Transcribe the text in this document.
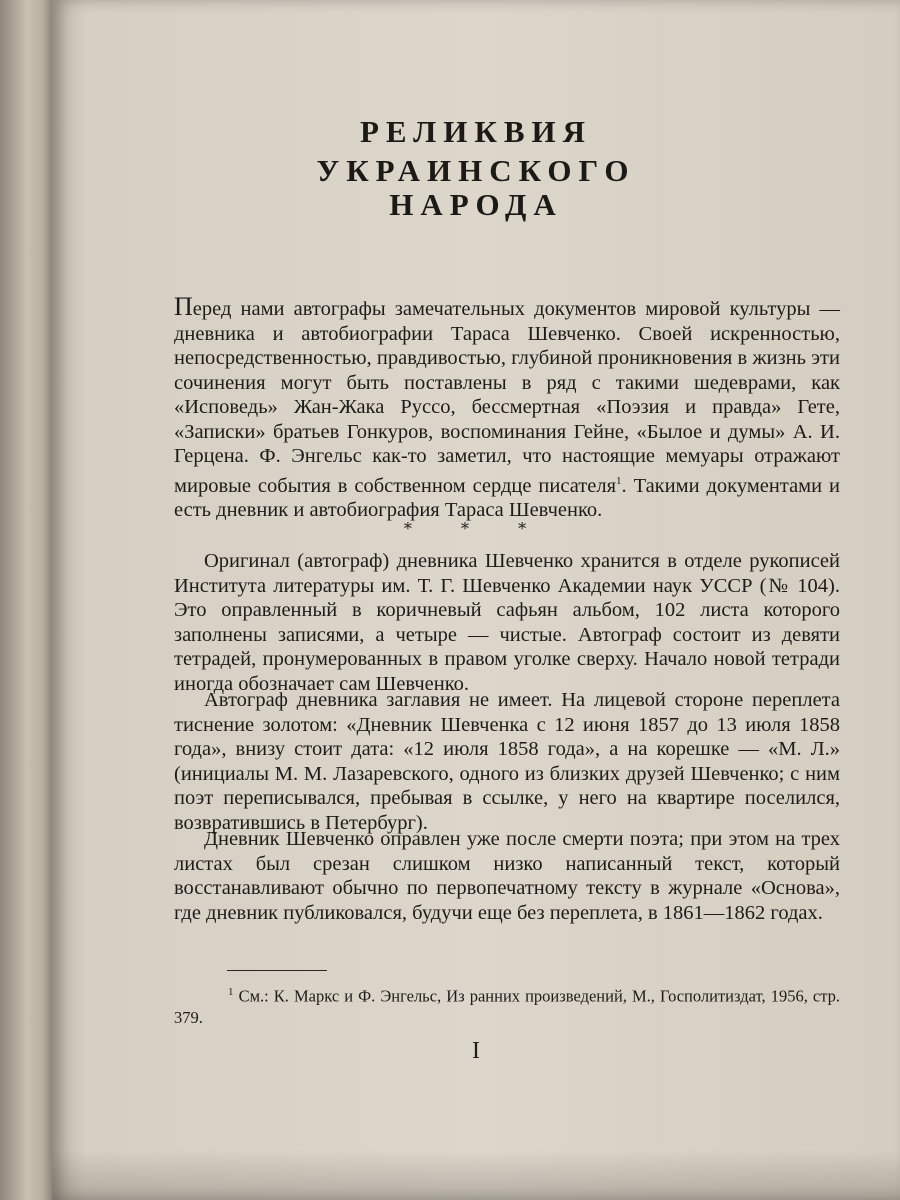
РЕЛИКВИЯ
УКРАИНСКОГО
НАРОДА

Перед нами автографы замечательных документов мировой культуры — дневника и автобиографии Тараса Шевченко. Своей искренностью, непосредственностью, правдивостью, глубиной проникновения в жизнь эти сочинения могут быть поставлены в ряд с такими шедеврами, как «Исповедь» Жан-Жака Руссо, бессмертная «Поэзия и правда» Гете, «Записки» братьев Гонкуров, воспоминания Гейне, «Былое и думы» А. И. Герцена. Ф. Энгельс как-то заметил, что настоящие мемуары отражают мировые события в собственном сердце писателя$^1$. Такими документами и есть дневник и автобиография Тараса Шевченко.

* * *

Оригинал (автограф) дневника Шевченко хранится в отделе рукописей Института литературы им. Т. Г. Шевченко Академии наук УССР (№ 104). Это оправленный в коричневый сафьян альбом, 102 листа которого заполнены записями, а четыре — чистые. Автограф состоит из девяти тетрадей, пронумерованных в правом уголке сверху. Начало новой тетради иногда обозначает сам Шевченко.

Автограф дневника заглавия не имеет. На лицевой стороне переплета тиснение золотом: «Дневник Шевченка с 12 июня 1857 до 13 июля 1858 года», внизу стоит дата: «12 июля 1858 года», а на корешке — «М. Л.» (инициалы М. М. Лазаревского, одного из близких друзей Шевченко; с ним поэт переписывался, пребывая в ссылке, у него на квартире поселился, возвратившись в Петербург).

Дневник Шевченко оправлен уже после смерти поэта; при этом на трех листах был срезан слишком низко написанный текст, который восстанавливают обычно по первопечатному тексту в журнале «Основа», где дневник публиковался, будучи еще без переплета, в 1861—1862 годах.

$^1$ См.: К. Маркс и Ф. Энгельс, Из ранних произведений, М., Госполитиздат, 1956, стр. 379.

I
